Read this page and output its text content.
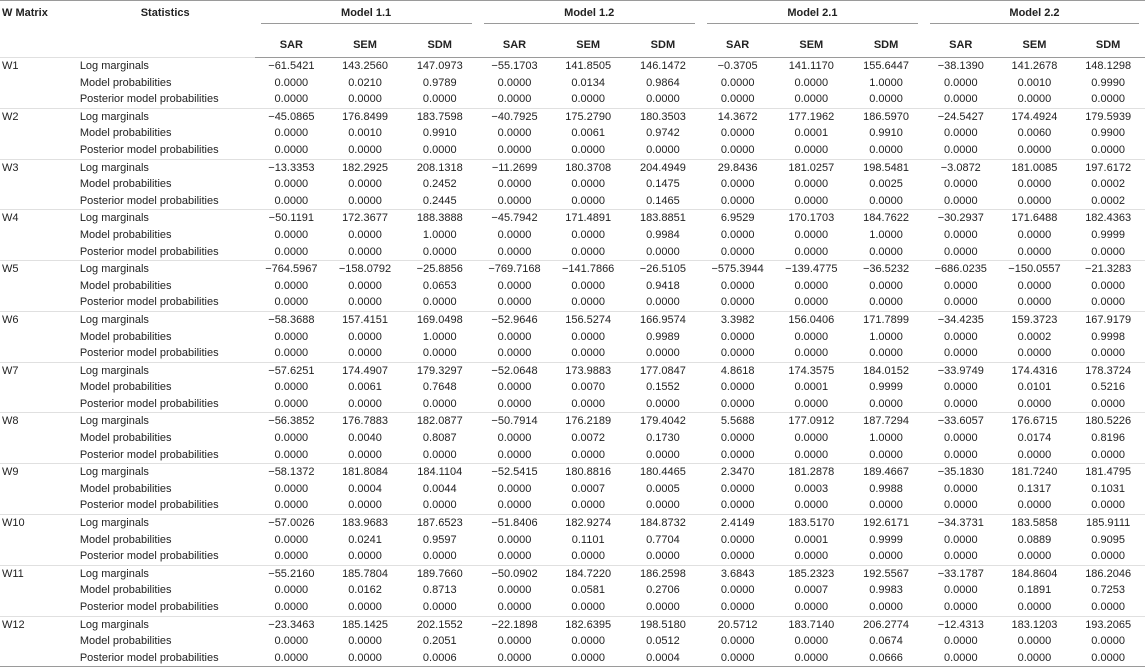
W Matrix	Statistics	Model 1.1			Model 1.2			Model 2.1			Model 2.2		

		SAR	SEM	SDM	SAR	SEM	SDM	SAR	SEM	SDM	SAR	SEM	SDM
W1	Log marginals	−61.5421	143.2560	147.0973	−55.1703	141.8505	146.1472	−0.3705	141.1170	155.6447	−38.1390	141.2678	148.1298
	Model probabilities	0.0000	0.0210	0.9789	0.0000	0.0134	0.9864	0.0000	0.0000	1.0000	0.0000	0.0010	0.9990
	Posterior model probabilities	0.0000	0.0000	0.0000	0.0000	0.0000	0.0000	0.0000	0.0000	0.0000	0.0000	0.0000	0.0000
W2	Log marginals	−45.0865	176.8499	183.7598	−40.7925	175.2790	180.3503	14.3672	177.1962	186.5970	−24.5427	174.4924	179.5939
	Model probabilities	0.0000	0.0010	0.9910	0.0000	0.0061	0.9742	0.0000	0.0001	0.9910	0.0000	0.0060	0.9900
	Posterior model probabilities	0.0000	0.0000	0.0000	0.0000	0.0000	0.0000	0.0000	0.0000	0.0000	0.0000	0.0000	0.0000
W3	Log marginals	−13.3353	182.2925	208.1318	−11.2699	180.3708	204.4949	29.8436	181.0257	198.5481	−3.0872	181.0085	197.6172
	Model probabilities	0.0000	0.0000	0.2452	0.0000	0.0000	0.1475	0.0000	0.0000	0.0025	0.0000	0.0000	0.0002
	Posterior model probabilities	0.0000	0.0000	0.2445	0.0000	0.0000	0.1465	0.0000	0.0000	0.0000	0.0000	0.0000	0.0002
W4	Log marginals	−50.1191	172.3677	188.3888	−45.7942	171.4891	183.8851	6.9529	170.1703	184.7622	−30.2937	171.6488	182.4363
	Model probabilities	0.0000	0.0000	1.0000	0.0000	0.0000	0.9984	0.0000	0.0000	1.0000	0.0000	0.0000	0.9999
	Posterior model probabilities	0.0000	0.0000	0.0000	0.0000	0.0000	0.0000	0.0000	0.0000	0.0000	0.0000	0.0000	0.0000
W5	Log marginals	−764.5967	−158.0792	−25.8856	−769.7168	−141.7866	−26.5105	−575.3944	−139.4775	−36.5232	−686.0235	−150.0557	−21.3283
	Model probabilities	0.0000	0.0000	0.0653	0.0000	0.0000	0.9418	0.0000	0.0000	0.0000	0.0000	0.0000	0.0000
	Posterior model probabilities	0.0000	0.0000	0.0000	0.0000	0.0000	0.0000	0.0000	0.0000	0.0000	0.0000	0.0000	0.0000
W6	Log marginals	−58.3688	157.4151	169.0498	−52.9646	156.5274	166.9574	3.3982	156.0406	171.7899	−34.4235	159.3723	167.9179
	Model probabilities	0.0000	0.0000	1.0000	0.0000	0.0000	0.9989	0.0000	0.0000	1.0000	0.0000	0.0002	0.9998
	Posterior model probabilities	0.0000	0.0000	0.0000	0.0000	0.0000	0.0000	0.0000	0.0000	0.0000	0.0000	0.0000	0.0000
W7	Log marginals	−57.6251	174.4907	179.3297	−52.0648	173.9883	177.0847	4.8618	174.3575	184.0152	−33.9749	174.4316	178.3724
	Model probabilities	0.0000	0.0061	0.7648	0.0000	0.0070	0.1552	0.0000	0.0001	0.9999	0.0000	0.0101	0.5216
	Posterior model probabilities	0.0000	0.0000	0.0000	0.0000	0.0000	0.0000	0.0000	0.0000	0.0000	0.0000	0.0000	0.0000
W8	Log marginals	−56.3852	176.7883	182.0877	−50.7914	176.2189	179.4042	5.5688	177.0912	187.7294	−33.6057	176.6715	180.5226
	Model probabilities	0.0000	0.0040	0.8087	0.0000	0.0072	0.1730	0.0000	0.0000	1.0000	0.0000	0.0174	0.8196
	Posterior model probabilities	0.0000	0.0000	0.0000	0.0000	0.0000	0.0000	0.0000	0.0000	0.0000	0.0000	0.0000	0.0000
W9	Log marginals	−58.1372	181.8084	184.1104	−52.5415	180.8816	180.4465	2.3470	181.2878	189.4667	−35.1830	181.7240	181.4795
	Model probabilities	0.0000	0.0004	0.0044	0.0000	0.0007	0.0005	0.0000	0.0003	0.9988	0.0000	0.1317	0.1031
	Posterior model probabilities	0.0000	0.0000	0.0000	0.0000	0.0000	0.0000	0.0000	0.0000	0.0000	0.0000	0.0000	0.0000
W10	Log marginals	−57.0026	183.9683	187.6523	−51.8406	182.9274	184.8732	2.4149	183.5170	192.6171	−34.3731	183.5858	185.9111
	Model probabilities	0.0000	0.0241	0.9597	0.0000	0.1101	0.7704	0.0000	0.0001	0.9999	0.0000	0.0889	0.9095
	Posterior model probabilities	0.0000	0.0000	0.0000	0.0000	0.0000	0.0000	0.0000	0.0000	0.0000	0.0000	0.0000	0.0000
W11	Log marginals	−55.2160	185.7804	189.7660	−50.0902	184.7220	186.2598	3.6843	185.2323	192.5567	−33.1787	184.8604	186.2046
	Model probabilities	0.0000	0.0162	0.8713	0.0000	0.0581	0.2706	0.0000	0.0007	0.9983	0.0000	0.1891	0.7253
	Posterior model probabilities	0.0000	0.0000	0.0000	0.0000	0.0000	0.0000	0.0000	0.0000	0.0000	0.0000	0.0000	0.0000
W12	Log marginals	−23.3463	185.1425	202.1552	−22.1898	182.6395	198.5180	20.5712	183.7140	206.2774	−12.4313	183.1203	193.2065
	Model probabilities	0.0000	0.0000	0.2051	0.0000	0.0000	0.0512	0.0000	0.0000	0.0674	0.0000	0.0000	0.0000
	Posterior model probabilities	0.0000	0.0000	0.0006	0.0000	0.0000	0.0004	0.0000	0.0000	0.0666	0.0000	0.0000	0.0000
